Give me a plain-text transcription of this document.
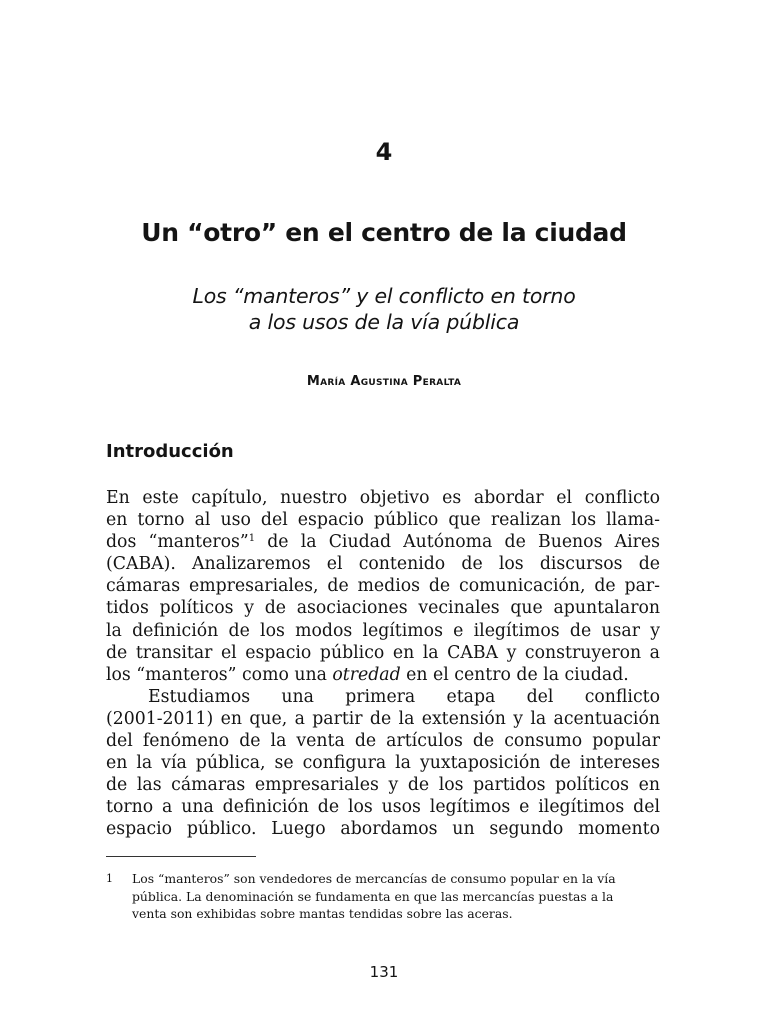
4
Un “otro” en el centro de la ciudad
Los “manteros” y el conflicto en torno
a los usos de la vía pública
María Agustina Peralta
Introducción
En este capítulo, nuestro objetivo es abordar el conflicto
en torno al uso del espacio público que realizan los llama-
dos “manteros”$^1$ de la Ciudad Autónoma de Buenos Aires
(CABA). Analizaremos el contenido de los discursos de
cámaras empresariales, de medios de comunicación, de par-
tidos políticos y de asociaciones vecinales que apuntalaron
la definición de los modos legítimos e ilegítimos de usar y
de transitar el espacio público en la CABA y construyeron a
los “manteros” como una otredad en el centro de la ciudad.
Estudiamos una primera etapa del conflicto
(2001-2011) en que, a partir de la extensión y la acentuación
del fenómeno de la venta de artículos de consumo popular
en la vía pública, se configura la yuxtaposición de intereses
de las cámaras empresariales y de los partidos políticos en
torno a una definición de los usos legítimos e ilegítimos del
espacio público. Luego abordamos un segundo momento
1 Los “manteros” son vendedores de mercancías de consumo popular en la vía
pública. La denominación se fundamenta en que las mercancías puestas a la
venta son exhibidas sobre mantas tendidas sobre las aceras.
131
